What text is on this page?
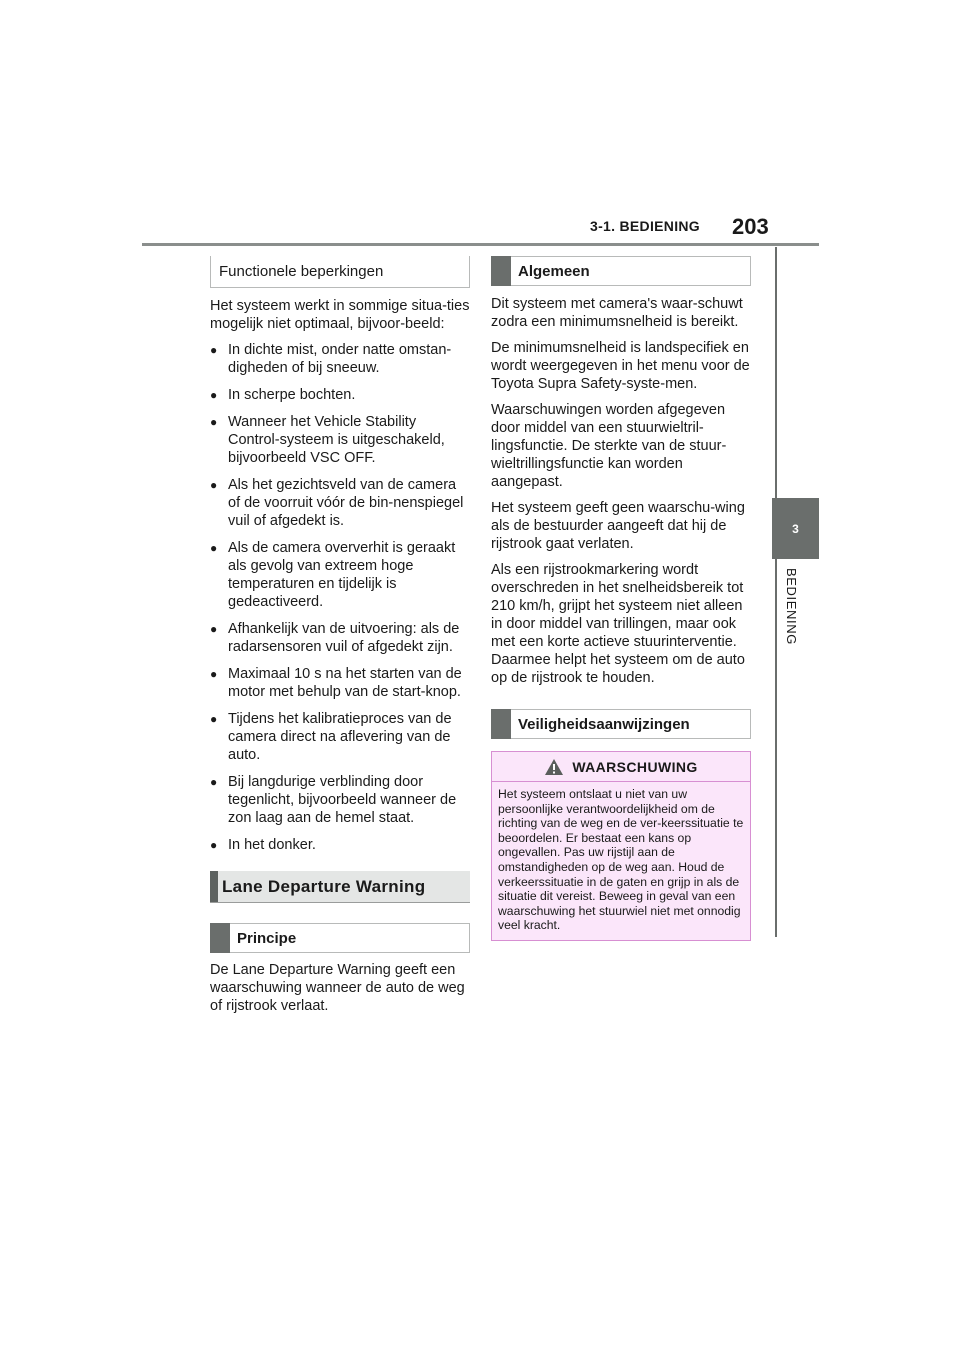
3-1. BEDIENING 203
3
BEDIENING
Functionele beperkingen

Het systeem werkt in sommige situa-ties mogelijk niet optimaal, bijvoor-beeld:

● In dichte mist, onder natte omstan-digheden of bij sneeuw.
● In scherpe bochten.
● Wanneer het Vehicle Stability Control-systeem is uitgeschakeld, bijvoorbeeld VSC OFF.
● Als het gezichtsveld van de camera of de voorruit vóór de bin-nenspiegel vuil of afgedekt is.
● Als de camera oververhit is geraakt als gevolg van extreem hoge temperaturen en tijdelijk is gedeactiveerd.
● Afhankelijk van de uitvoering: als de radarsensoren vuil of afgedekt zijn.
● Maximaal 10 s na het starten van de motor met behulp van de start-knop.
● Tijdens het kalibratieproces van de camera direct na aflevering van de auto.
● Bij langdurige verblinding door tegenlicht, bijvoorbeeld wanneer de zon laag aan de hemel staat.
● In het donker.
Lane Departure Warning
Principe

De Lane Departure Warning geeft een waarschuwing wanneer de auto de weg of rijstrook verlaat.

Algemeen

Dit systeem met camera's waar-schuwt zodra een minimumsnelheid is bereikt.

De minimumsnelheid is landspecifiek en wordt weergegeven in het menu voor de Toyota Supra Safety-syste-men.

Waarschuwingen worden afgegeven door middel van een stuurwieltril-lingsfunctie. De sterkte van de stuur-wieltrillingsfunctie kan worden aangepast.

Het systeem geeft geen waarschu-wing als de bestuurder aangeeft dat hij de rijstrook gaat verlaten.

Als een rijstrookmarkering wordt overschreden in het snelheidsbereik tot 210 km/h, grijpt het systeem niet alleen in door middel van trillingen, maar ook met een korte actieve stuurinterventie. Daarmee helpt het systeem om de auto op de rijstrook te houden.

Veiligheidsaanwijzingen
WAARSCHUWING
Het systeem ontslaat u niet van uw persoonlijke verantwoordelijkheid om de richting van de weg en de ver-keerssituatie te beoordelen. Er bestaat een kans op ongevallen. Pas uw rijstijl aan de omstandigheden op de weg aan. Houd de verkeerssituatie in de gaten en grijp in als de situatie dit vereist. Beweeg in geval van een waarschuwing het stuurwiel niet met onnodig veel kracht.
